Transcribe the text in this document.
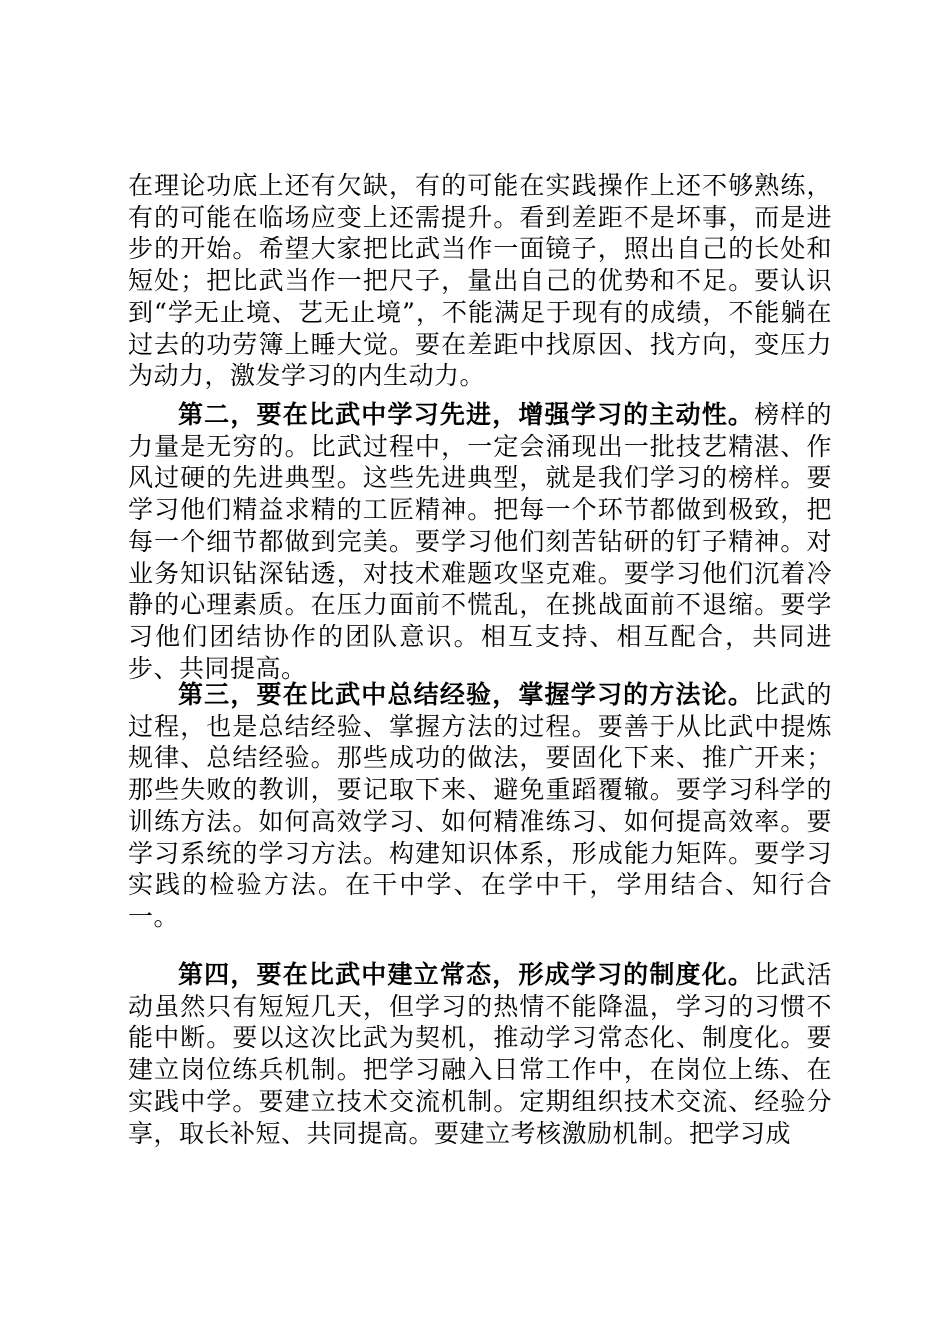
在理论功底上还有欠缺，有的可能在实践操作上还不够熟练，有的可能在临场应变上还需提升。看到差距不是坏事，而是进步的开始。希望大家把比武当作一面镜子，照出自己的长处和短处；把比武当作一把尺子，量出自己的优势和不足。要认识到“学无止境、艺无止境”，不能满足于现有的成绩，不能躺在过去的功劳簿上睡大觉。要在差距中找原因、找方向，变压力为动力，激发学习的内生动力。

第二，要在比武中学习先进，增强学习的主动性。榜样的力量是无穷的。比武过程中，一定会涌现出一批技艺精湛、作风过硬的先进典型。这些先进典型，就是我们学习的榜样。要学习他们精益求精的工匠精神。把每一个环节都做到极致，把每一个细节都做到完美。要学习他们刻苦钻研的钉子精神。对业务知识钻深钻透，对技术难题攻坚克难。要学习他们沉着冷静的心理素质。在压力面前不慌乱，在挑战面前不退缩。要学习他们团结协作的团队意识。相互支持、相互配合，共同进步、共同提高。

第三，要在比武中总结经验，掌握学习的方法论。比武的过程，也是总结经验、掌握方法的过程。要善于从比武中提炼规律、总结经验。那些成功的做法，要固化下来、推广开来；那些失败的教训，要记取下来、避免重蹈覆辙。要学习科学的训练方法。如何高效学习、如何精准练习、如何提高效率。要学习系统的学习方法。构建知识体系，形成能力矩阵。要学习实践的检验方法。在干中学、在学中干，学用结合、知行合一。

第四，要在比武中建立常态，形成学习的制度化。比武活动虽然只有短短几天，但学习的热情不能降温，学习的习惯不能中断。要以这次比武为契机，推动学习常态化、制度化。要建立岗位练兵机制。把学习融入日常工作中，在岗位上练、在实践中学。要建立技术交流机制。定期组织技术交流、经验分享，取长补短、共同提高。要建立考核激励机制。把学习成
